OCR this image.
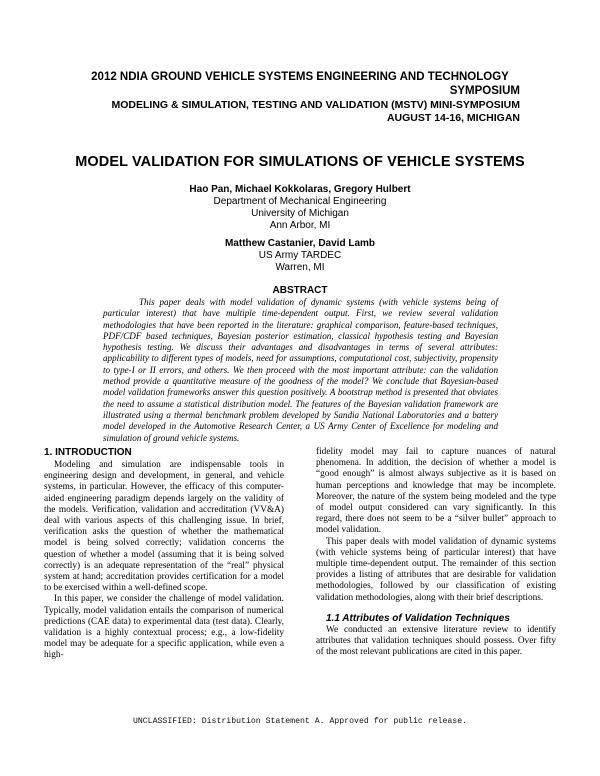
2012 NDIA GROUND VEHICLE SYSTEMS ENGINEERING AND TECHNOLOGY
SYMPOSIUM
MODELING & SIMULATION, TESTING AND VALIDATION (MSTV) MINI-SYMPOSIUM
AUGUST 14-16, MICHIGAN
MODEL VALIDATION FOR SIMULATIONS OF VEHICLE SYSTEMS
Hao Pan, Michael Kokkolaras, Gregory Hulbert
Department of Mechanical Engineering
University of Michigan
Ann Arbor, MI
Matthew Castanier, David Lamb
US Army TARDEC
Warren, MI
ABSTRACT
This paper deals with model validation of dynamic systems (with vehicle systems being of particular interest) that have multiple time-dependent output. First, we review several validation methodologies that have been reported in the literature: graphical comparison, feature-based techniques, PDF/CDF based techniques, Bayesian posterior estimation, classical hypothesis testing and Bayesian hypothesis testing. We discuss their advantages and disadvantages in terms of several attributes: applicability to different types of models, need for assumptions, computational cost, subjectivity, propensity to type-I or II errors, and others. We then proceed with the most important attribute: can the validation method provide a quantitative measure of the goodness of the model? We conclude that Bayesian-based model validation frameworks answer this question positively. A bootstrap method is presented that obviates the need to assume a statistical distribution model. The features of the Bayesian validation framework are illustrated using a thermal benchmark problem developed by Sandia National Laboratories and a battery model developed in the Automotive Research Center, a US Army Center of Excellence for modeling and simulation of ground vehicle systems.
1. INTRODUCTION

Modeling and simulation are indispensable tools in engineering design and development, in general, and vehicle systems, in particular. However, the efficacy of this computer-aided engineering paradigm depends largely on the validity of the models. Verification, validation and accreditation (VV&A) deal with various aspects of this challenging issue. In brief, verification asks the question of whether the mathematical model is being solved correctly; validation concerns the question of whether a model (assuming that it is being solved correctly) is an adequate representation of the “real” physical system at hand; accreditation provides certification for a model to be exercised within a well-defined scope.

In this paper, we consider the challenge of model validation. Typically, model validation entails the comparison of numerical predictions (CAE data) to experimental data (test data). Clearly, validation is a highly contextual process; e.g., a low-fidelity model may be adequate for a specific application, while even a high-

fidelity model may fail to capture nuances of natural phenomena. In addition, the decision of whether a model is “good enough” is almost always subjective as it is based on human perceptions and knowledge that may be incomplete. Moreover, the nature of the system being modeled and the type of model output considered can vary significantly. In this regard, there does not seem to be a “silver bullet” approach to model validation.

This paper deals with model validation of dynamic systems (with vehicle systems being of particular interest) that have multiple time-dependent output. The remainder of this section provides a listing of attributes that are desirable for validation methodologies, followed by our classification of existing validation methodologies, along with their brief descriptions.

1.1 Attributes of Validation Techniques

We conducted an extensive literature review to identify attributes that validation techniques should possess. Over fifty of the most relevant publications are cited in this paper.

UNCLASSIFIED: Distribution Statement A. Approved for public release.
